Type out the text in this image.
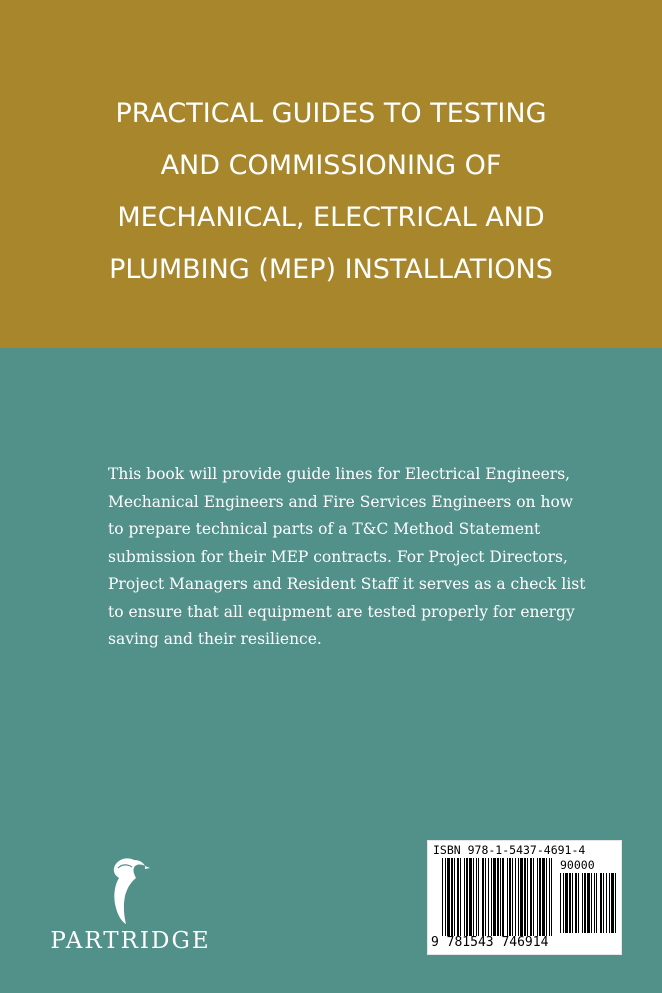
PRACTICAL GUIDES TO TESTING
AND COMMISSIONING OF
MECHANICAL, ELECTRICAL AND
PLUMBING (MEP) INSTALLATIONS
This book will provide guide lines for Electrical Engineers,
Mechanical Engineers and Fire Services Engineers on how
to prepare technical parts of a T&C Method Statement
submission for their MEP contracts. For Project Directors,
Project Managers and Resident Staff it serves as a check list
to ensure that all equipment are tested properly for energy
saving and their resilience.
PARTRIDGE
ISBN 978-1-5437-4691-4
90000
9 781543 746914
